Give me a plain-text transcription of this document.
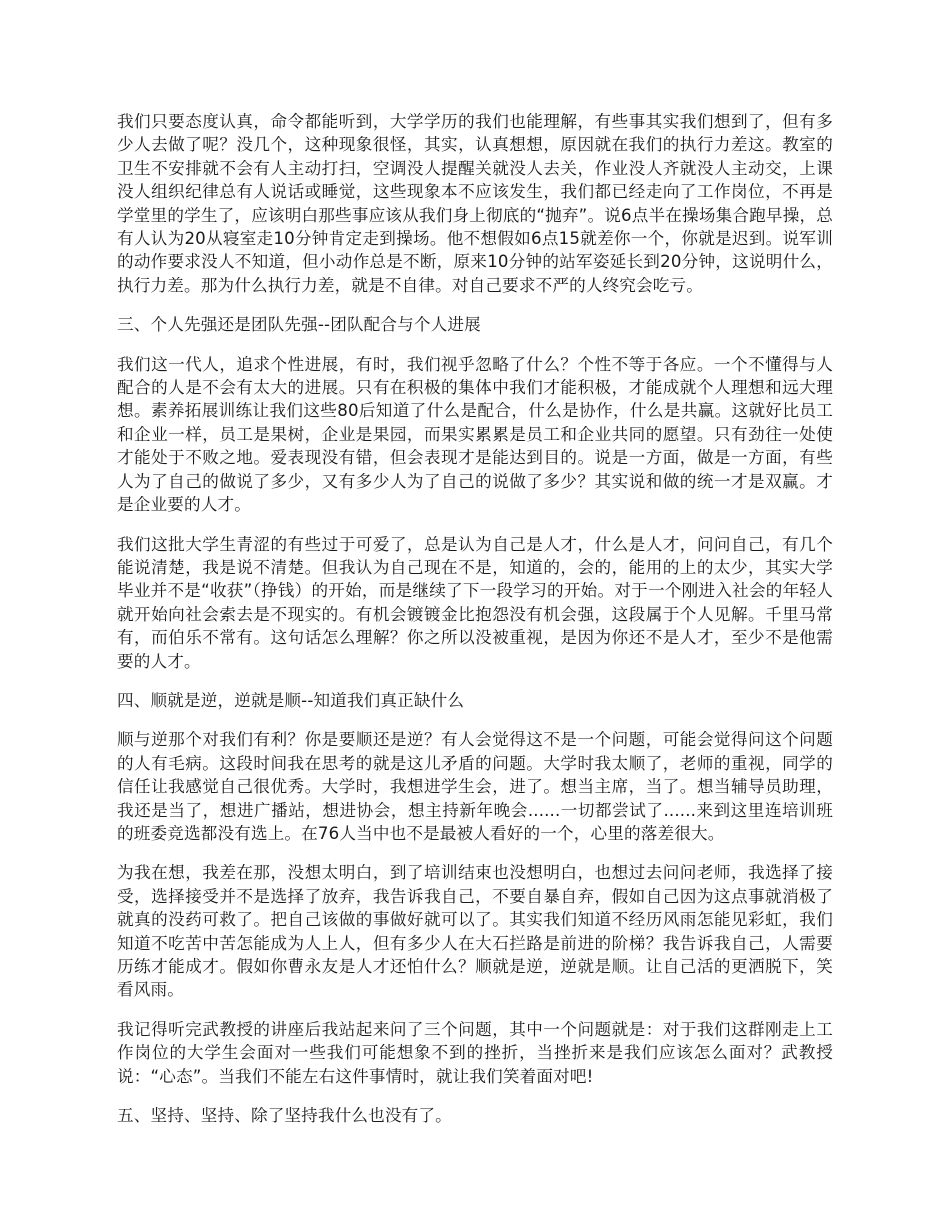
我们只要态度认真，命令都能听到，大学学历的我们也能理解，有些事其实我们想到了，但有多少人去做了呢？没几个，这种现象很怪，其实，认真想想，原因就在我们的执行力差这。教室的卫生不安排就不会有人主动打扫，空调没人提醒关就没人去关，作业没人齐就没人主动交，上课没人组织纪律总有人说话或睡觉，这些现象本不应该发生，我们都已经走向了工作岗位，不再是学堂里的学生了，应该明白那些事应该从我们身上彻底的“抛弃”。说6点半在操场集合跑早操，总有人认为20从寝室走10分钟肯定走到操场。他不想假如6点15就差你一个，你就是迟到。说军训的动作要求没人不知道，但小动作总是不断，原来10分钟的站军姿延长到20分钟，这说明什么，执行力差。那为什么执行力差，就是不自律。对自己要求不严的人终究会吃亏。

三、个人先强还是团队先强--团队配合与个人进展

我们这一代人，追求个性进展，有时，我们视乎忽略了什么？个性不等于各应。一个不懂得与人配合的人是不会有太大的进展。只有在积极的集体中我们才能积极，才能成就个人理想和远大理想。素养拓展训练让我们这些80后知道了什么是配合，什么是协作，什么是共赢。这就好比员工和企业一样，员工是果树，企业是果园，而果实累累是员工和企业共同的愿望。只有劲往一处使才能处于不败之地。爱表现没有错，但会表现才是能达到目的。说是一方面，做是一方面，有些人为了自己的做说了多少，又有多少人为了自己的说做了多少？其实说和做的统一才是双赢。才是企业要的人才。

我们这批大学生青涩的有些过于可爱了，总是认为自己是人才，什么是人才，问问自己，有几个能说清楚，我是说不清楚。但我认为自己现在不是，知道的，会的，能用的上的太少，其实大学毕业并不是“收获”（挣钱）的开始，而是继续了下一段学习的开始。对于一个刚进入社会的年轻人就开始向社会索去是不现实的。有机会镀镀金比抱怨没有机会强，这段属于个人见解。千里马常有，而伯乐不常有。这句话怎么理解？你之所以没被重视，是因为你还不是人才，至少不是他需要的人才。

四、顺就是逆，逆就是顺--知道我们真正缺什么

顺与逆那个对我们有利？你是要顺还是逆？有人会觉得这不是一个问题，可能会觉得问这个问题的人有毛病。这段时间我在思考的就是这儿矛盾的问题。大学时我太顺了，老师的重视，同学的信任让我感觉自己很优秀。大学时，我想进学生会，进了。想当主席，当了。想当辅导员助理，我还是当了，想进广播站，想进协会，想主持新年晚会......一切都尝试了......来到这里连培训班的班委竞选都没有选上。在76人当中也不是最被人看好的一个，心里的落差很大。

为我在想，我差在那，没想太明白，到了培训结束也没想明白，也想过去问问老师，我选择了接受，选择接受并不是选择了放弃，我告诉我自己，不要自暴自弃，假如自己因为这点事就消极了就真的没药可救了。把自己该做的事做好就可以了。其实我们知道不经历风雨怎能见彩虹，我们知道不吃苦中苦怎能成为人上人，但有多少人在大石拦路是前进的阶梯？我告诉我自己，人需要历练才能成才。假如你曹永友是人才还怕什么？顺就是逆，逆就是顺。让自己活的更洒脱下，笑看风雨。

我记得听完武教授的讲座后我站起来问了三个问题，其中一个问题就是：对于我们这群刚走上工作岗位的大学生会面对一些我们可能想象不到的挫折，当挫折来是我们应该怎么面对？武教授说：“心态”。当我们不能左右这件事情时，就让我们笑着面对吧!

五、坚持、坚持、除了坚持我什么也没有了。
